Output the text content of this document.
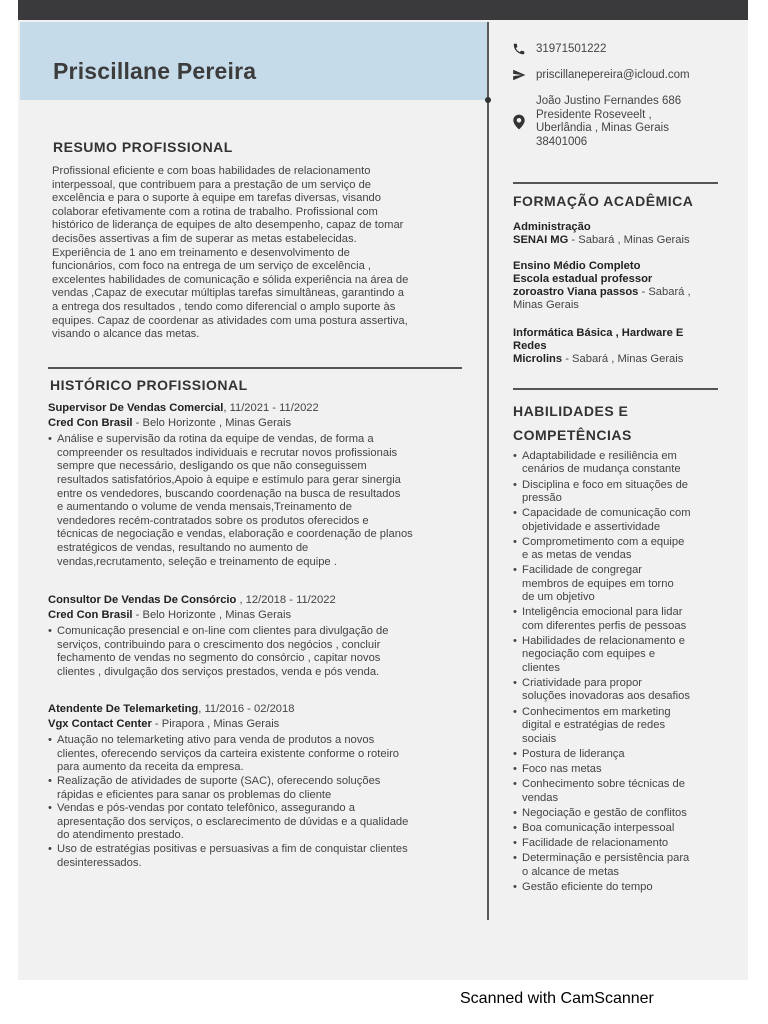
Priscillane Pereira
31971501222
priscillanepereira@icloud.com
João Justino Fernandes 686
Presidente Roseveelt ,
Uberlândia , Minas Gerais
38401006
RESUMO PROFISSIONAL
Profissional eficiente e com boas habilidades de relacionamento
interpessoal, que contribuem para a prestação de um serviço de
excelência e para o suporte à equipe em tarefas diversas, visando
colaborar efetivamente com a rotina de trabalho. Profissional com
histórico de liderança de equipes de alto desempenho, capaz de tomar
decisões assertivas a fim de superar as metas estabelecidas.
Experiência de 1 ano em treinamento e desenvolvimento de
funcionários, com foco na entrega de um serviço de excelência ,
excelentes habilidades de comunicação e sólida experiência na área de
vendas ,Capaz de executar múltiplas tarefas simultâneas, garantindo a
a entrega dos resultados , tendo como diferencial o amplo suporte às
equipes. Capaz de coordenar as atividades com uma postura assertiva,
visando o alcance das metas.
HISTÓRICO PROFISSIONAL
Supervisor De Vendas Comercial, 11/2021 - 11/2022
Cred Con Brasil - Belo Horizonte , Minas Gerais
• Análise e supervisão da rotina da equipe de vendas, de forma a
compreender os resultados individuais e recrutar novos profissionais
sempre que necessário, desligando os que não conseguissem
resultados satisfatórios,Apoio à equipe e estímulo para gerar sinergia
entre os vendedores, buscando coordenação na busca de resultados
e aumentando o volume de venda mensais,Treinamento de
vendedores recém-contratados sobre os produtos oferecidos e
técnicas de negociação e vendas, elaboração e coordenação de planos
estratégicos de vendas, resultando no aumento de
vendas,recrutamento, seleção e treinamento de equipe .
Consultor De Vendas De Consórcio , 12/2018 - 11/2022
Cred Con Brasil - Belo Horizonte , Minas Gerais
• Comunicação presencial e on-line com clientes para divulgação de
serviços, contribuindo para o crescimento dos negócios , concluir
fechamento de vendas no segmento do consórcio , capitar novos
clientes , divulgação dos serviços prestados, venda e pós venda.
Atendente De Telemarketing, 11/2016 - 02/2018
Vgx Contact Center - Pirapora , Minas Gerais
• Atuação no telemarketing ativo para venda de produtos a novos
clientes, oferecendo serviços da carteira existente conforme o roteiro
para aumento da receita da empresa.
• Realização de atividades de suporte (SAC), oferecendo soluções
rápidas e eficientes para sanar os problemas do cliente
• Vendas e pós-vendas por contato telefônico, assegurando a
apresentação dos serviços, o esclarecimento de dúvidas e a qualidade
do atendimento prestado.
• Uso de estratégias positivas e persuasivas a fim de conquistar clientes
desinteressados.
FORMAÇÃO ACADÊMICA
Administração
SENAI MG - Sabará , Minas Gerais
Ensino Médio Completo
Escola estadual professor
zoroastro Viana passos - Sabará ,
Minas Gerais
Informática Básica , Hardware E
Redes
Microlins - Sabará , Minas Gerais
HABILIDADES E
COMPETÊNCIAS
• Adaptabilidade e resiliência em
cenários de mudança constante
• Disciplina e foco em situações de
pressão
• Capacidade de comunicação com
objetividade e assertividade
• Comprometimento com a equipe
e as metas de vendas
• Facilidade de congregar
membros de equipes em torno
de um objetivo
• Inteligência emocional para lidar
com diferentes perfis de pessoas
• Habilidades de relacionamento e
negociação com equipes e
clientes
• Criatividade para propor
soluções inovadoras aos desafios
• Conhecimentos em marketing
digital e estratégias de redes
sociais
• Postura de liderança
• Foco nas metas
• Conhecimento sobre técnicas de
vendas
• Negociação e gestão de conflitos
• Boa comunicação interpessoal
• Facilidade de relacionamento
• Determinação e persistência para
o alcance de metas
• Gestão eficiente do tempo
Scanned with CamScanner
